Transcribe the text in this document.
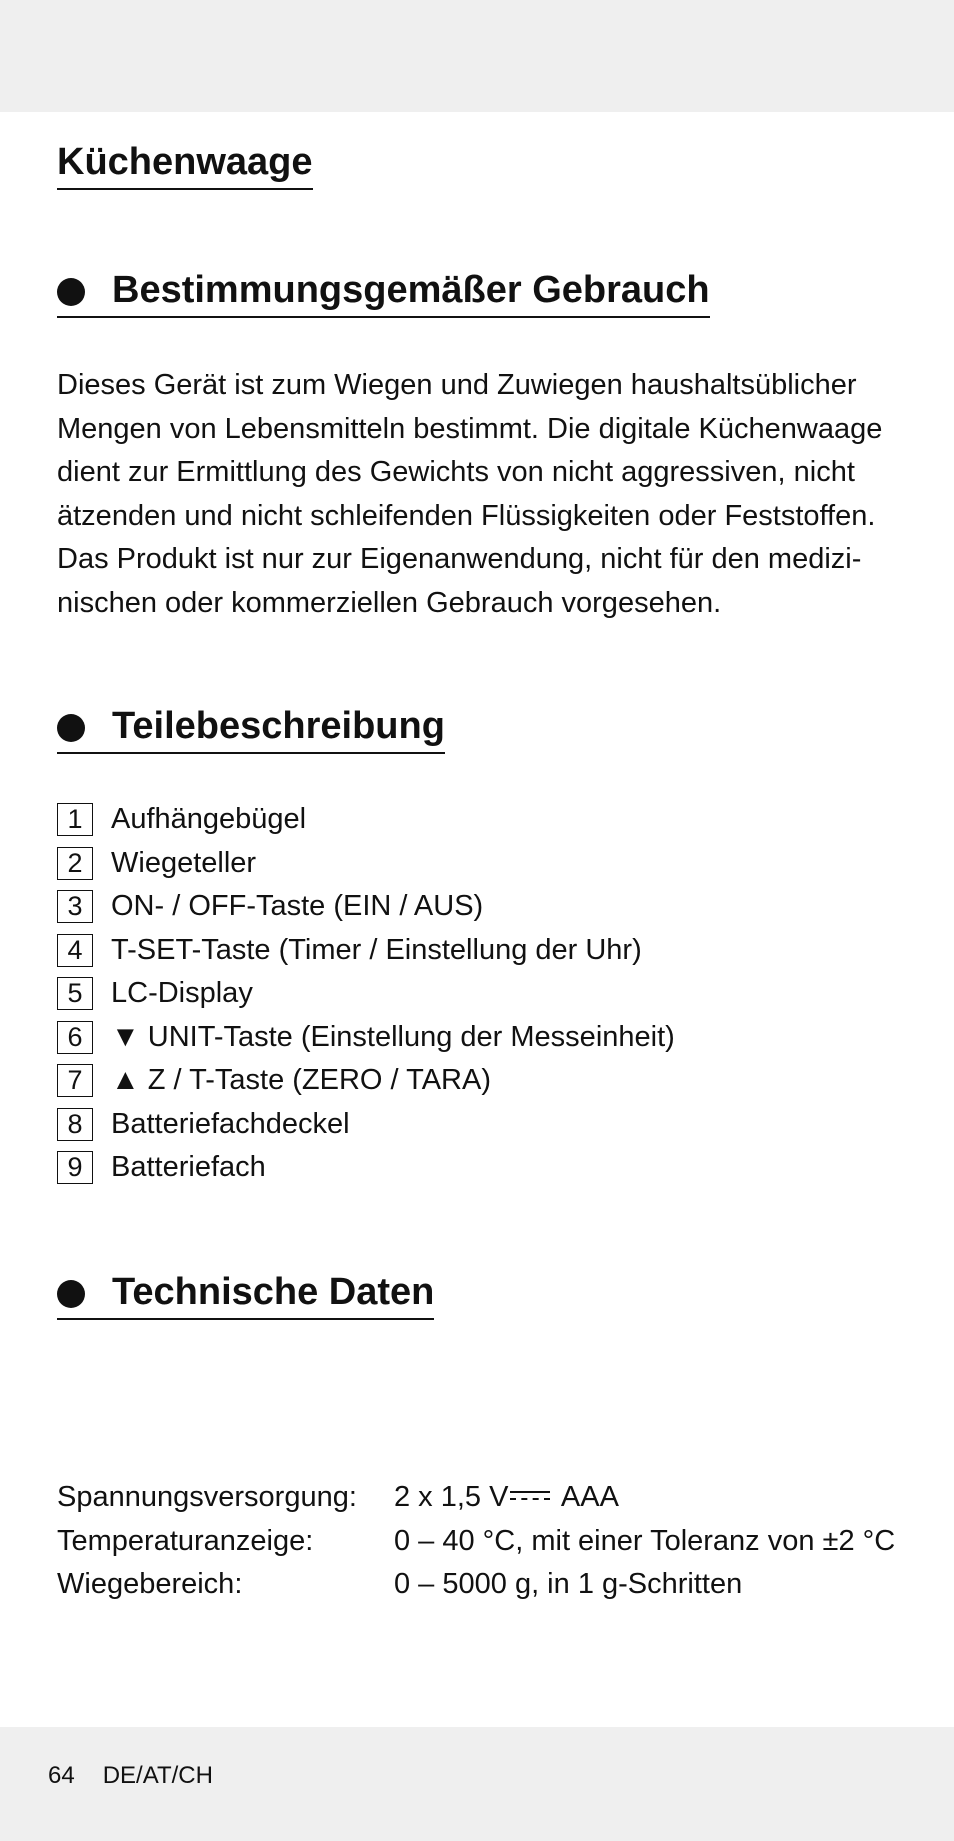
Küchenwaage
Bestimmungsgemäßer Gebrauch

Dieses Gerät ist zum Wiegen und Zuwiegen haushaltsüblicher
Mengen von Lebensmitteln bestimmt. Die digitale Küchenwaage
dient zur Ermittlung des Gewichts von nicht aggressiven, nicht
ätzenden und nicht schleifenden Flüssigkeiten oder Feststoffen.
Das Produkt ist nur zur Eigenanwendung, nicht für den medizi-
nischen oder kommerziellen Gebrauch vorgesehen.

Teilebeschreibung
1 Aufhängebügel
2 Wiegeteller
3 ON- / OFF-Taste (EIN / AUS)
4 T-SET-Taste (Timer / Einstellung der Uhr)
5 LC-Display
6 ▼ UNIT-Taste (Einstellung der Messeinheit)
7 ▲ Z / T-Taste (ZERO / TARA)
8 Batteriefachdeckel
9 Batteriefach
Technische Daten
Spannungsversorgung:	2 x 1,5 V
AAA
Temperaturanzeige:	0 – 40 °C, mit einer Toleranz von ±2 °C
Wiegebereich:	0 – 5000 g, in 1 g-Schritten
64 DE/AT/CH
